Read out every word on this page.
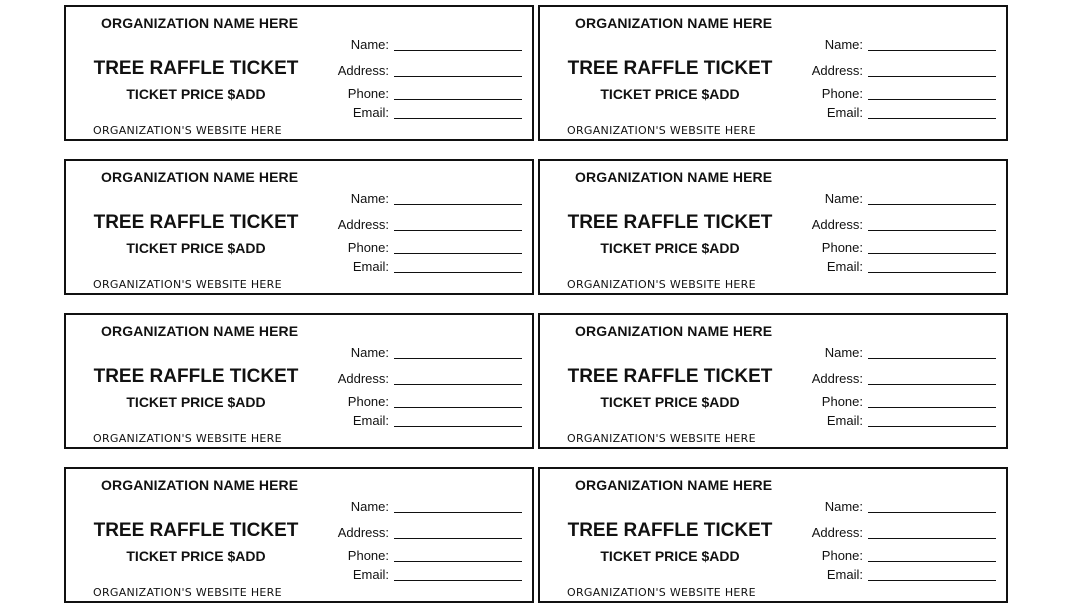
ORGANIZATION NAME HERE
TREE RAFFLE TICKET
TICKET PRICE $ADD
ORGANIZATION'S WEBSITE HERE
Name:
Address:
Phone:
Email:
ORGANIZATION NAME HERE
TREE RAFFLE TICKET
TICKET PRICE $ADD
ORGANIZATION'S WEBSITE HERE
Name:
Address:
Phone:
Email:
ORGANIZATION NAME HERE
TREE RAFFLE TICKET
TICKET PRICE $ADD
ORGANIZATION'S WEBSITE HERE
Name:
Address:
Phone:
Email:
ORGANIZATION NAME HERE
TREE RAFFLE TICKET
TICKET PRICE $ADD
ORGANIZATION'S WEBSITE HERE
Name:
Address:
Phone:
Email:
ORGANIZATION NAME HERE
TREE RAFFLE TICKET
TICKET PRICE $ADD
ORGANIZATION'S WEBSITE HERE
Name:
Address:
Phone:
Email:
ORGANIZATION NAME HERE
TREE RAFFLE TICKET
TICKET PRICE $ADD
ORGANIZATION'S WEBSITE HERE
Name:
Address:
Phone:
Email:
ORGANIZATION NAME HERE
TREE RAFFLE TICKET
TICKET PRICE $ADD
ORGANIZATION'S WEBSITE HERE
Name:
Address:
Phone:
Email:
ORGANIZATION NAME HERE
TREE RAFFLE TICKET
TICKET PRICE $ADD
ORGANIZATION'S WEBSITE HERE
Name:
Address:
Phone:
Email:
